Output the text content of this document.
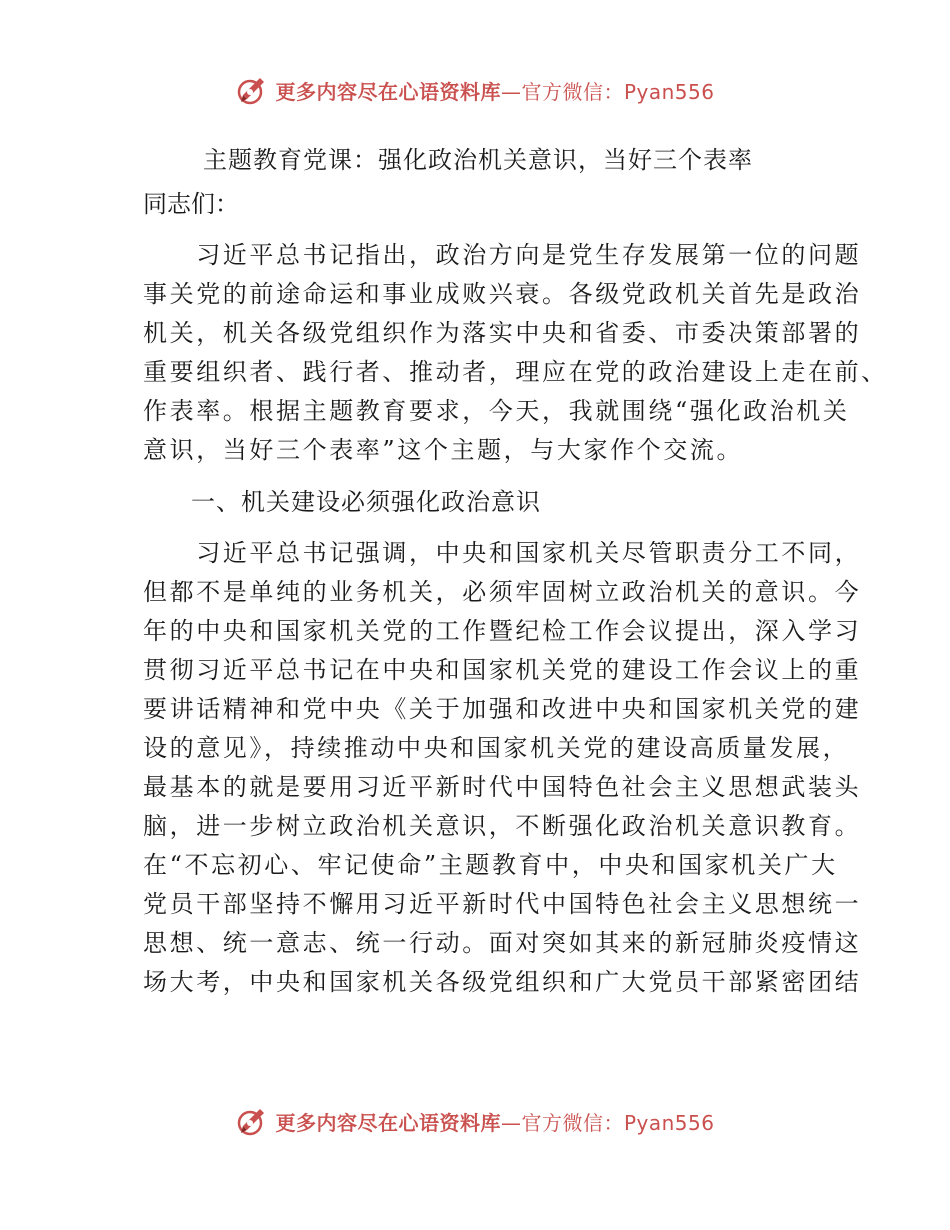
更多内容尽在心语资料库—官方微信：Pyan556

主题教育党课：强化政治机关意识，当好三个表率

同志们：

　　习近平总书记指出，政治方向是党生存发展第一位的问题
事关党的前途命运和事业成败兴衰。各级党政机关首先是政治
机关，机关各级党组织作为落实中央和省委、市委决策部署的
重要组织者、践行者、推动者，理应在党的政治建设上走在前、
作表率。根据主题教育要求，今天，我就围绕“强化政治机关
意识，当好三个表率”这个主题，与大家作个交流。

一、机关建设必须强化政治意识

　　习近平总书记强调，中央和国家机关尽管职责分工不同，
但都不是单纯的业务机关，必须牢固树立政治机关的意识。今
年的中央和国家机关党的工作暨纪检工作会议提出，深入学习
贯彻习近平总书记在中央和国家机关党的建设工作会议上的重
要讲话精神和党中央《关于加强和改进中央和国家机关党的建
设的意见》，持续推动中央和国家机关党的建设高质量发展，
最基本的就是要用习近平新时代中国特色社会主义思想武装头
脑，进一步树立政治机关意识，不断强化政治机关意识教育。
在“不忘初心、牢记使命”主题教育中，中央和国家机关广大
党员干部坚持不懈用习近平新时代中国特色社会主义思想统一
思想、统一意志、统一行动。面对突如其来的新冠肺炎疫情这
场大考，中央和国家机关各级党组织和广大党员干部紧密团结

更多内容尽在心语资料库—官方微信：Pyan556
